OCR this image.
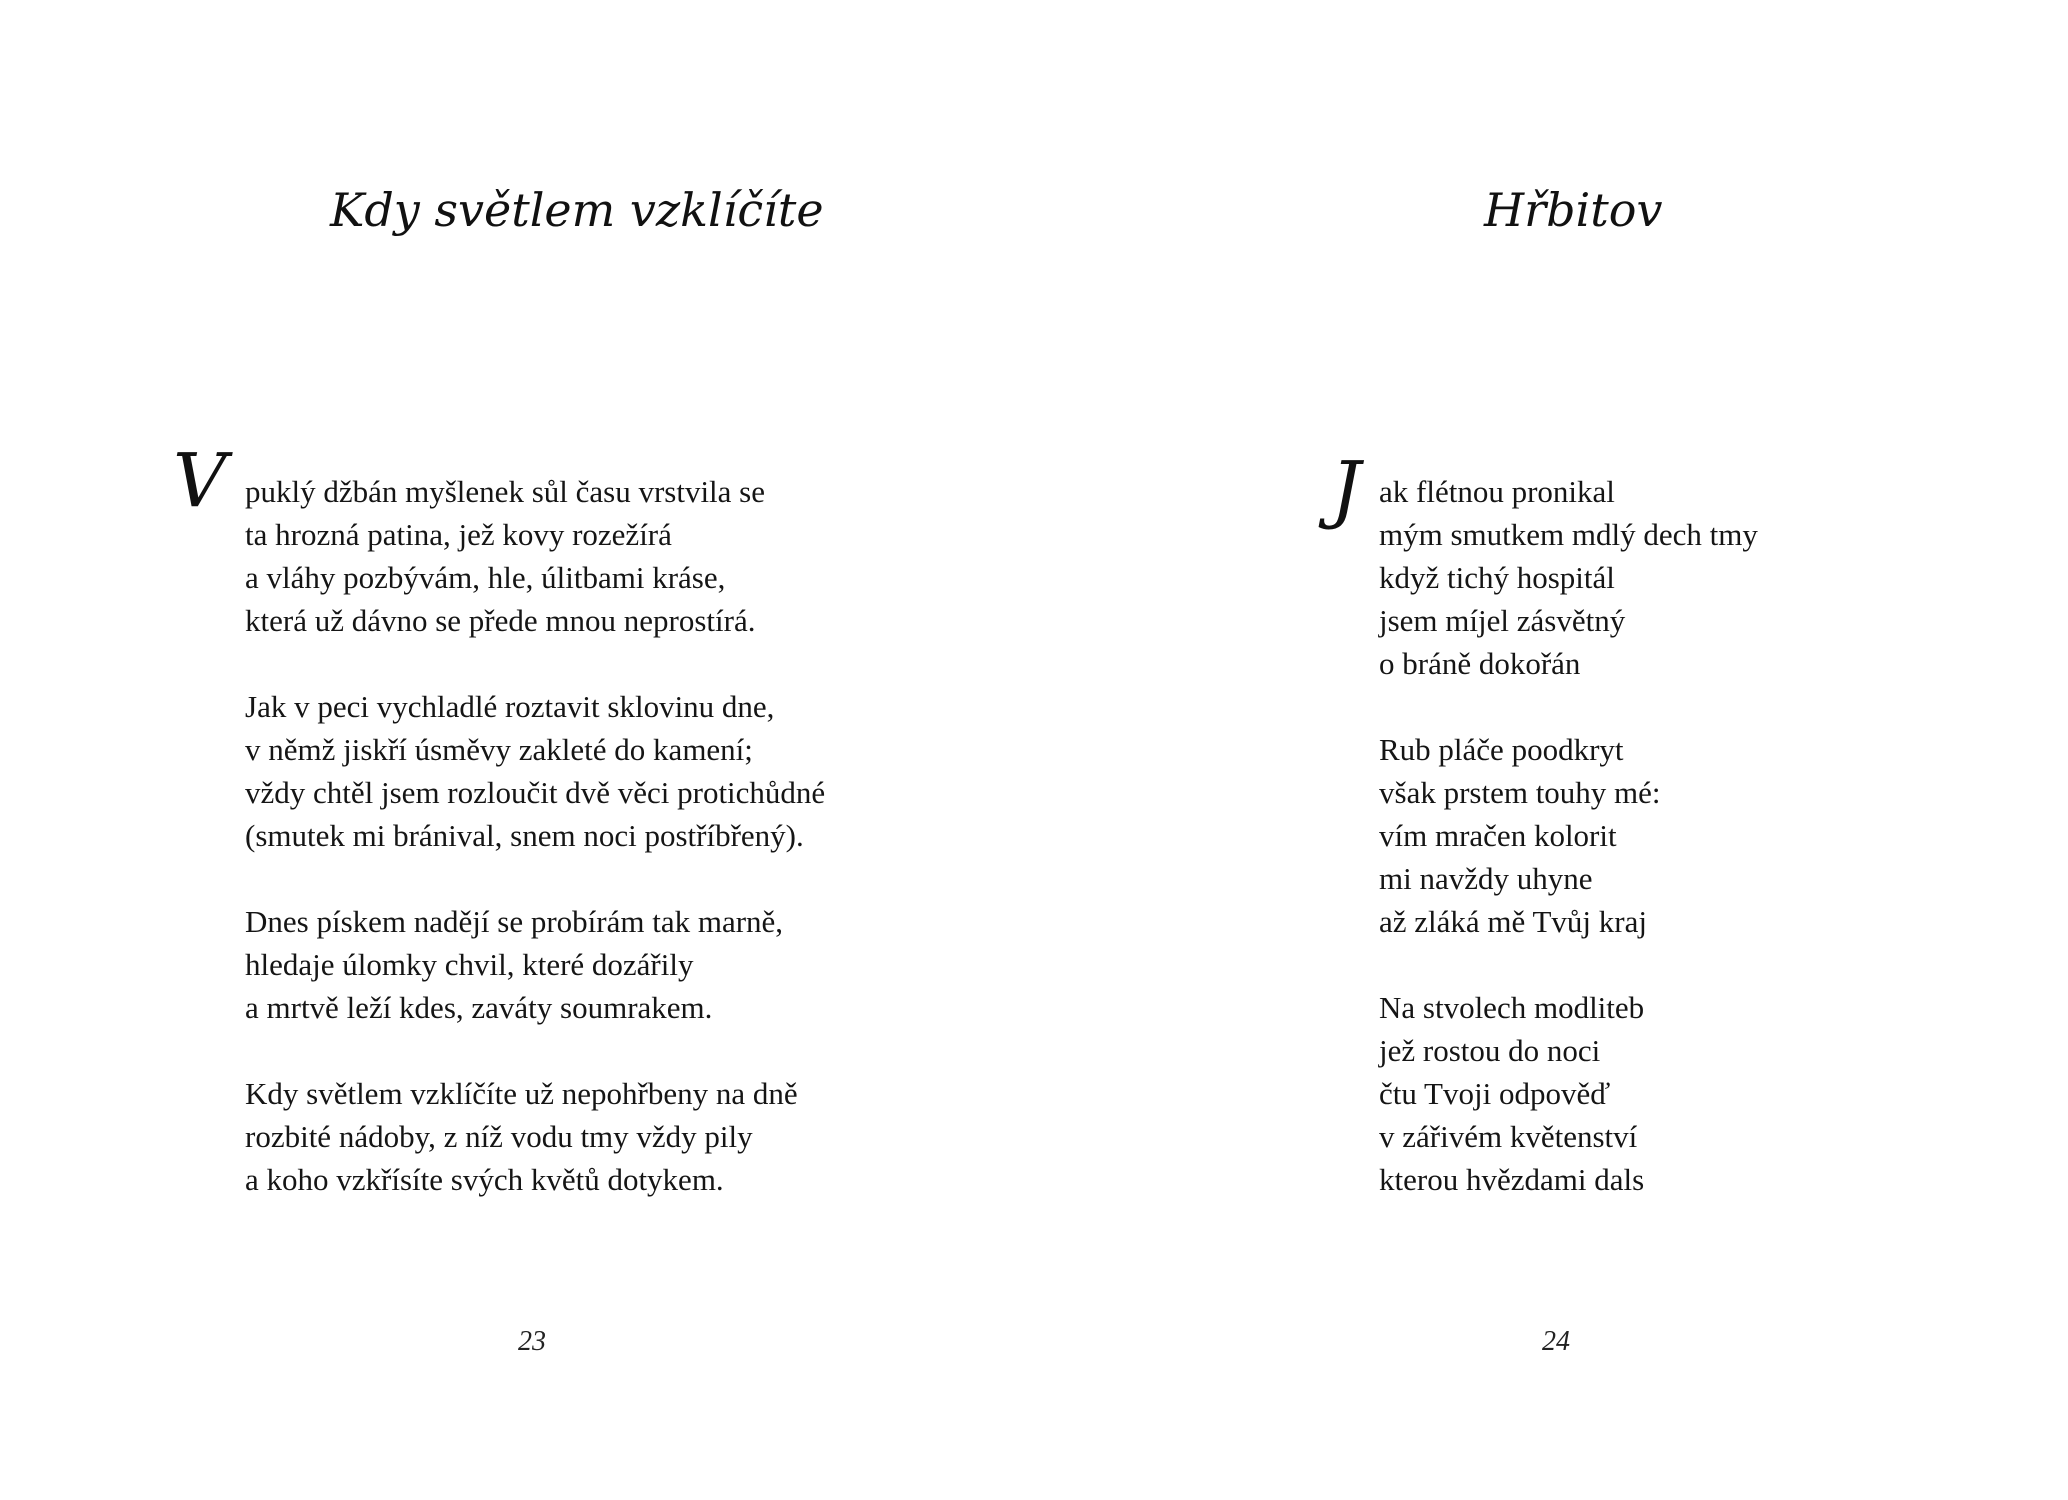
Kdy světlem vzklíčíte
V puklý džbán myšlenek sůl času vrstvila se
ta hrozná patina, jež kovy rozežírá
a vláhy pozbývám, hle, úlitbami kráse,
která už dávno se přede mnou neprostírá.
Jak v peci vychladlé roztavit sklovinu dne,
v němž jiskří úsměvy zakleté do kamení;
vždy chtěl jsem rozloučit dvě věci protichůdné
(smutek mi bránival, snem noci postříbřený).
Dnes pískem nadějí se probírám tak marně,
hledaje úlomky chvil, které dozářily
a mrtvě leží kdes, zaváty soumrakem.
Kdy světlem vzklíčíte už nepohřbeny na dně
rozbité nádoby, z níž vodu tmy vždy pily
a koho vzkřísíte svých květů dotykem.
23
Hřbitov
J ak flétnou pronikal
mým smutkem mdlý dech tmy
když tichý hospitál
jsem míjel zásvětný
o bráně dokořán
Rub pláče poodkryt
však prstem touhy mé:
vím mračen kolorit
mi navždy uhyne
až zláká mě Tvůj kraj
Na stvolech modliteb
jež rostou do noci
čtu Tvoji odpověď
v zářivém květenství
kterou hvězdami dals
24
